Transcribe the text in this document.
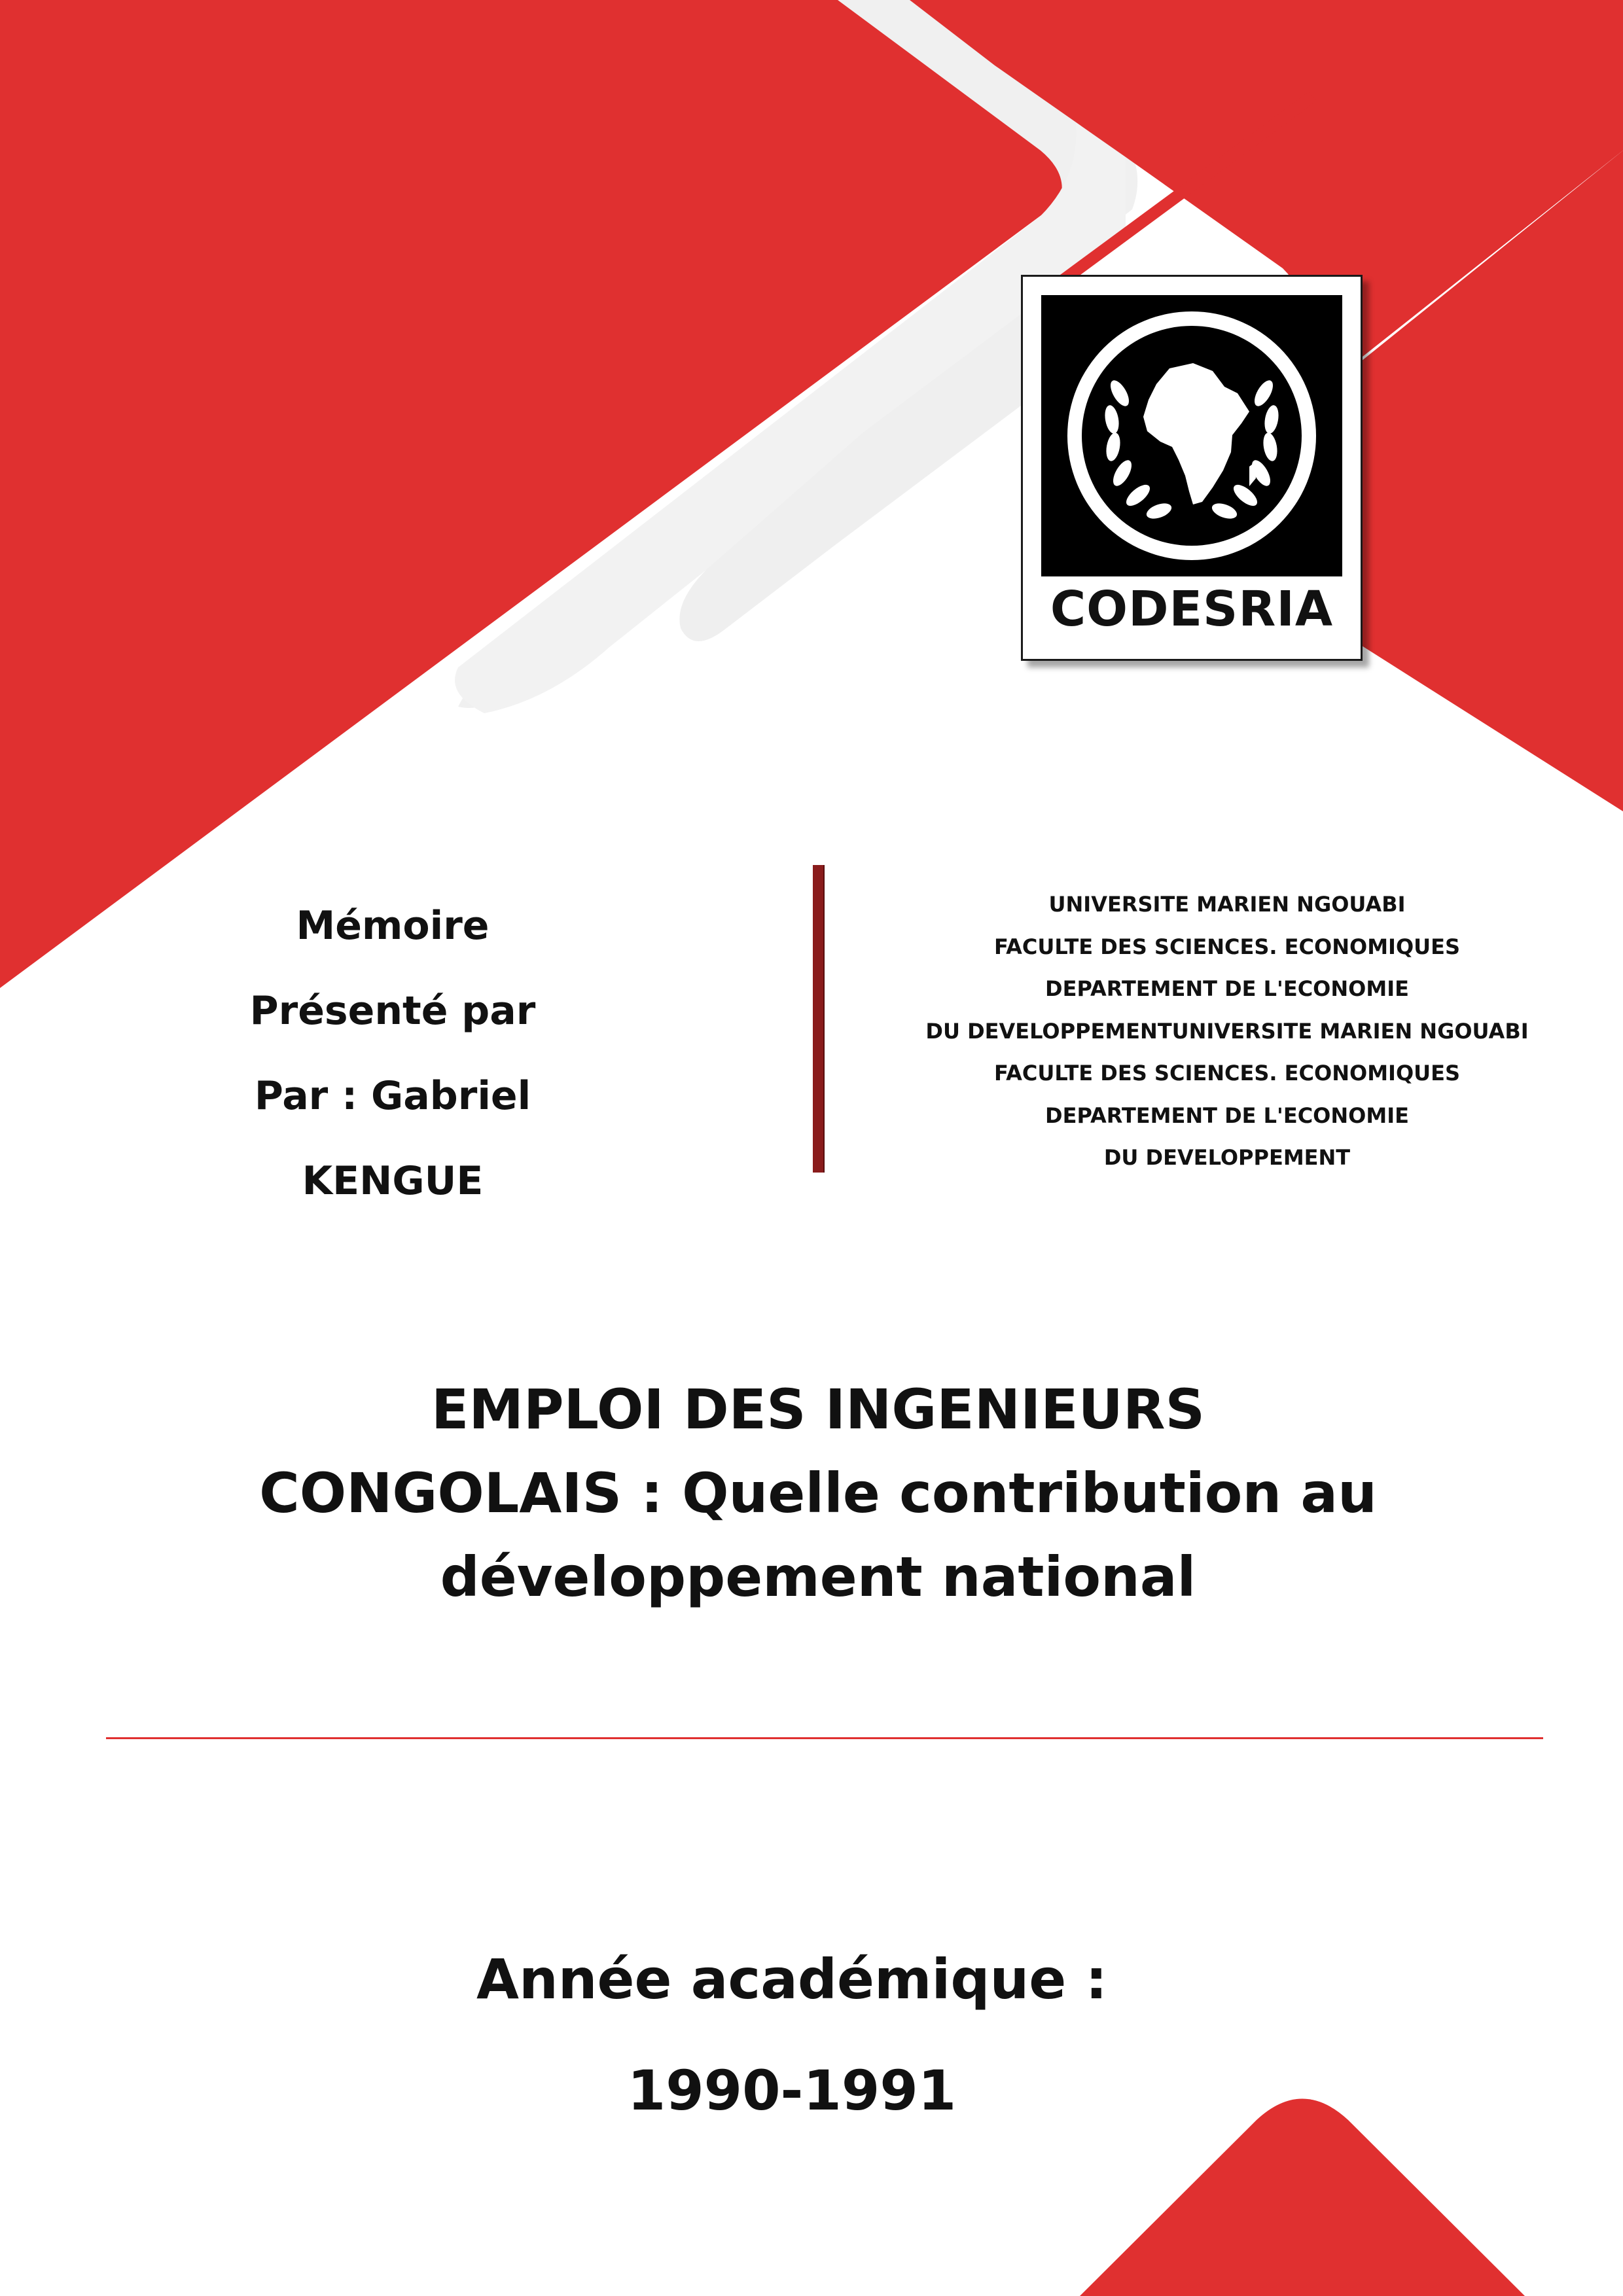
CODESRIA
Mémoire
Présenté par
Par : Gabriel
KENGUE
UNIVERSITE MARIEN NGOUABI
FACULTE DES SCIENCES. ECONOMIQUES
DEPARTEMENT DE L'ECONOMIE
DU DEVELOPPEMENTUNIVERSITE MARIEN NGOUABI
FACULTE DES SCIENCES. ECONOMIQUES
DEPARTEMENT DE L'ECONOMIE
DU DEVELOPPEMENT
EMPLOI DES INGENIEURS
CONGOLAIS : Quelle contribution au
développement national
Année académique :
1990-1991
